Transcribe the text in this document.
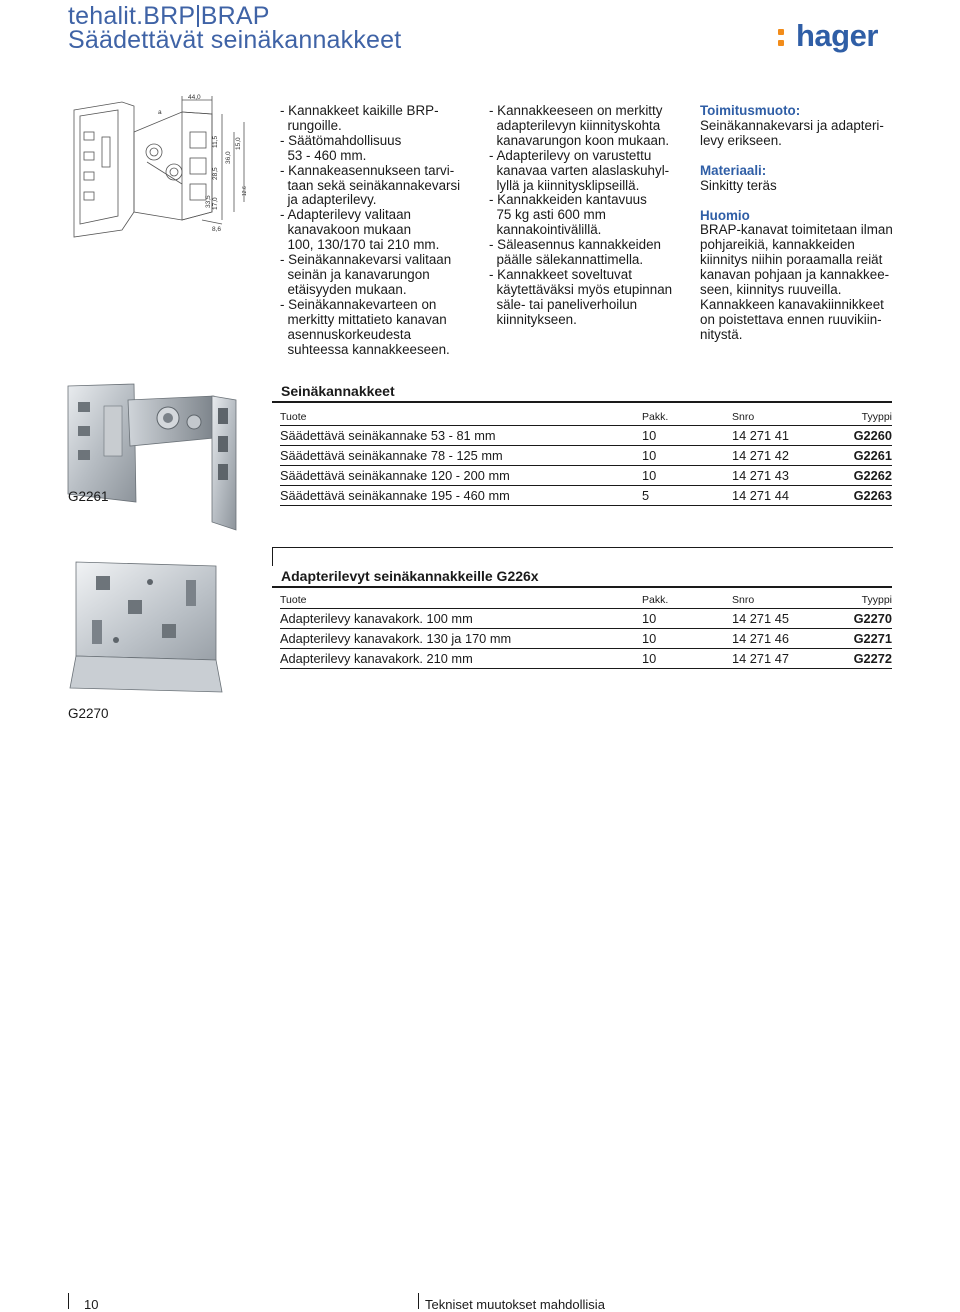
tehalit.BRP BRAP
Säädettävät seinäkannakkeet	hager
44,0
11,5
28,5
17,0
36,0
15,0
33,5
8,6
12.6
a	- Kannakkeet kaikille BRP-

rungoille.

- Säätömahdollisuus

53 - 460 mm.

- Kannakeasennukseen tarvi-

taan sekä seinäkannakevarsi

ja adapterilevy.

- Adapterilevy valitaan

kanavakoon mukaan

100, 130/170 tai 210 mm.

- Seinäkannakevarsi valitaan

seinän ja kanavarungon

etäisyyden mukaan.

- Seinäkannakevarteen on

merkitty mittatieto kanavan

asennuskorkeudesta

suhteessa kannakkeeseen.

- Kannakkeeseen on merkitty

adapterilevyn kiinnityskohta

kanavarungon koon mukaan.

- Adapterilevy on varustettu

kanavaa varten alaslaskuhyl-

lyllä ja kiinnitysklipseillä.

- Kannakkeiden kantavuus

75 kg asti 600 mm

kannakointivälillä.

- Säleasennus kannakkeiden

päälle sälekannattimella.

- Kannakkeet soveltuvat

käytettäväksi myös etupinnan

säle- tai paneliverhoilun

kiinnitykseen.

Toimitusmuoto:

Seinäkannakevarsi ja adapteri-

levy erikseen.

Materiaali:

Sinkitty teräs

Huomio

BRAP-kanavat toimitetaan ilman

pohjareikiä, kannakkeiden

kiinnitys niihin poraamalla reiät

kanavan pohjaan ja kannakkee-

seen, kiinnitys ruuveilla.

Kannakkeen kanavakiinnikkeet

on poistettava ennen ruuvikiin-

nitystä.

Seinäkannakkeet
G2261
Tuote	Pakk.	Snro	Tyyppi
Säädettävä seinäkannake 53 - 81 mm	10	14 271 41	G2260
Säädettävä seinäkannake 78 - 125 mm	10	14 271 42	G2261
Säädettävä seinäkannake 120 - 200 mm	10	14 271 43	G2262
Säädettävä seinäkannake 195 - 460 mm	5	14 271 44	G2263
Adapterilevyt seinäkannakkeille G226x
G2270
Tuote	Pakk.	Snro	Tyyppi
Adapterilevy kanavakork. 100 mm	10	14 271 45	G2270
Adapterilevy kanavakork. 130 ja 170 mm	10	14 271 46	G2271
Adapterilevy kanavakork. 210 mm	10	14 271 47	G2272
10	Tekniset muutokset mahdollisia
